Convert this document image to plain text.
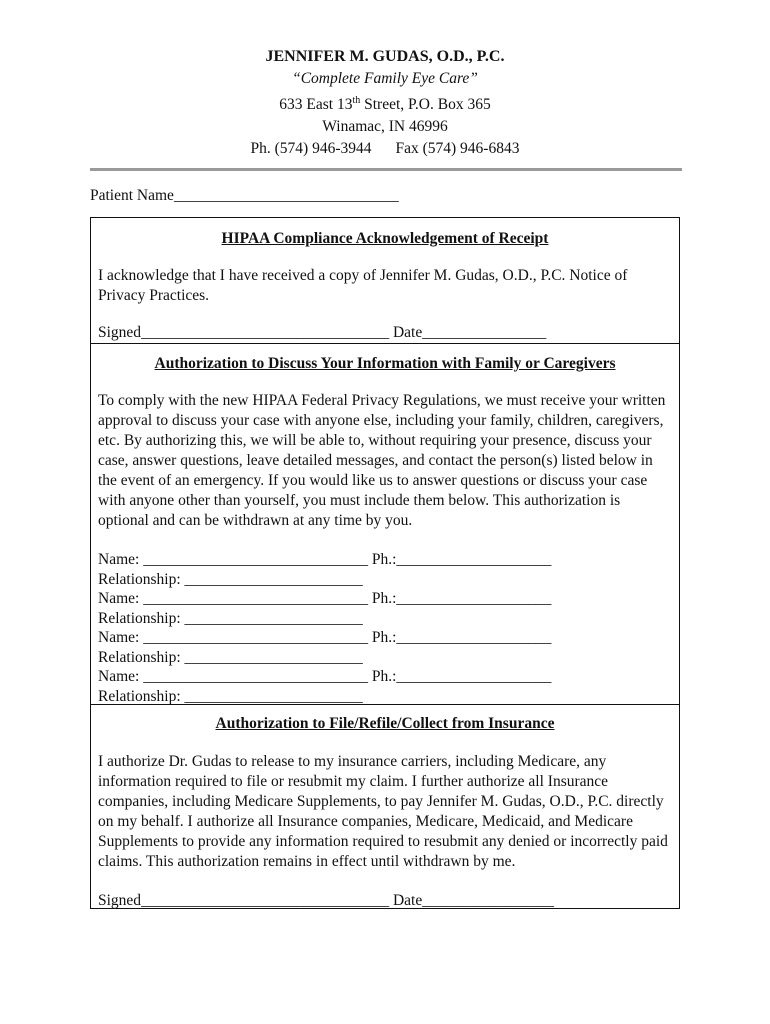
JENNIFER M. GUDAS, O.D., P.C.
“Complete Family Eye Care”
633 East 13th Street, P.O. Box 365
Winamac, IN 46996
Ph. (574) 946-3944 Fax (574) 946-6843
Patient Name_____________________________
HIPAA Compliance Acknowledgement of Receipt
I acknowledge that I have received a copy of Jennifer M. Gudas, O.D., P.C. Notice of Privacy Practices.
Signed________________________________ Date________________
Authorization to Discuss Your Information with Family or Caregivers
To comply with the new HIPAA Federal Privacy Regulations, we must receive your written approval to discuss your case with anyone else, including your family, children, caregivers, etc. By authorizing this, we will be able to, without requiring your presence, discuss your case, answer questions, leave detailed messages, and contact the person(s) listed below in the event of an emergency. If you would like us to answer questions or discuss your case with anyone other than yourself, you must include them below. This authorization is optional and can be withdrawn at any time by you.
Name: _____________________________ Ph.:____________________
Relationship: _______________________
Name: _____________________________ Ph.:____________________
Relationship: _______________________
Name: _____________________________ Ph.:____________________
Relationship: _______________________
Name: _____________________________ Ph.:____________________
Relationship: _______________________
Authorization to File/Refile/Collect from Insurance
I authorize Dr. Gudas to release to my insurance carriers, including Medicare, any information required to file or resubmit my claim. I further authorize all Insurance companies, including Medicare Supplements, to pay Jennifer M. Gudas, O.D., P.C. directly on my behalf. I authorize all Insurance companies, Medicare, Medicaid, and Medicare Supplements to provide any information required to resubmit any denied or incorrectly paid claims. This authorization remains in effect until withdrawn by me.
Signed________________________________ Date_________________
